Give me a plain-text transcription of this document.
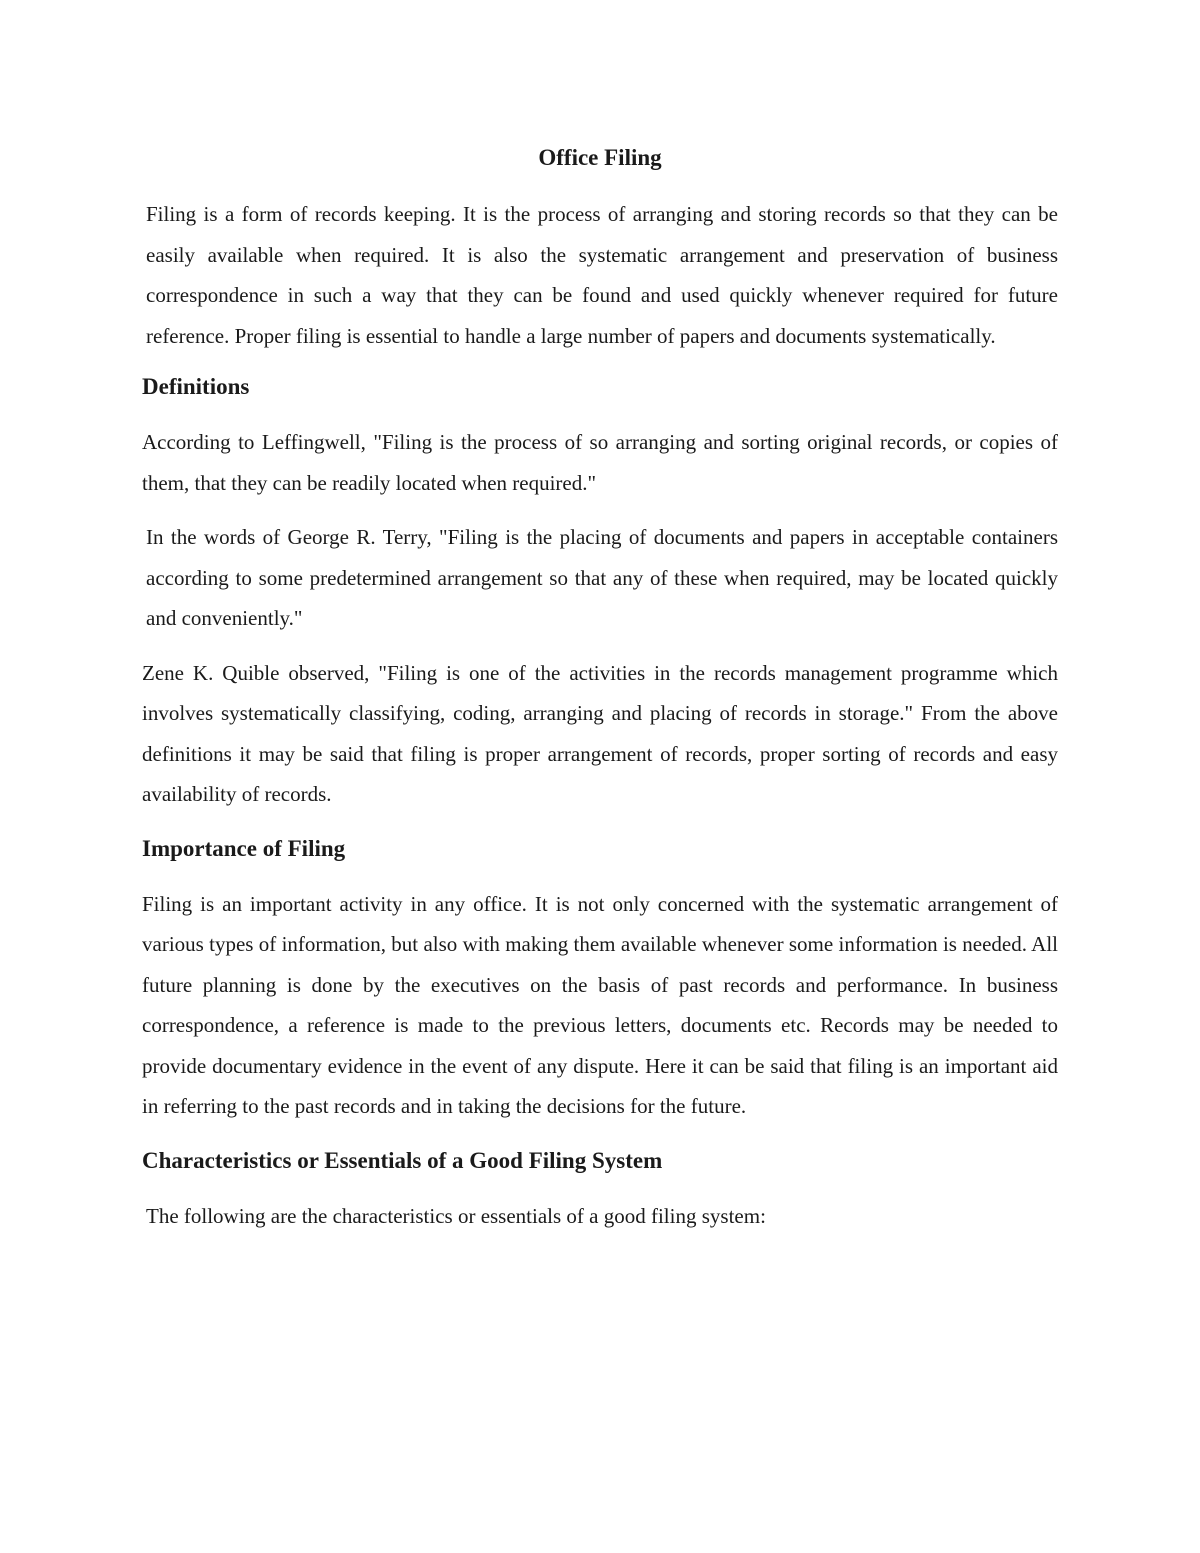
Office Filing

Filing is a form of records keeping. It is the process of arranging and storing records so that they can be easily available when required. It is also the systematic arrangement and preservation of business correspondence in such a way that they can be found and used quickly whenever required for future reference. Proper filing is essential to handle a large number of papers and documents systematically.

Definitions

According to Leffingwell, "Filing is the process of so arranging and sorting original records, or copies of them, that they can be readily located when required."

In the words of George R. Terry, "Filing is the placing of documents and papers in acceptable containers according to some predetermined arrangement so that any of these when required, may be located quickly and conveniently."

Zene K. Quible observed, "Filing is one of the activities in the records management programme which involves systematically classifying, coding, arranging and placing of records in storage." From the above definitions it may be said that filing is proper arrangement of records, proper sorting of records and easy availability of records.

Importance of Filing

Filing is an important activity in any office. It is not only concerned with the systematic arrangement of various types of information, but also with making them available whenever some information is needed. All future planning is done by the executives on the basis of past records and performance. In business correspondence, a reference is made to the previous letters, documents etc. Records may be needed to provide documentary evidence in the event of any dispute. Here it can be said that filing is an important aid in referring to the past records and in taking the decisions for the future.

Characteristics or Essentials of a Good Filing System

The following are the characteristics or essentials of a good filing system:
